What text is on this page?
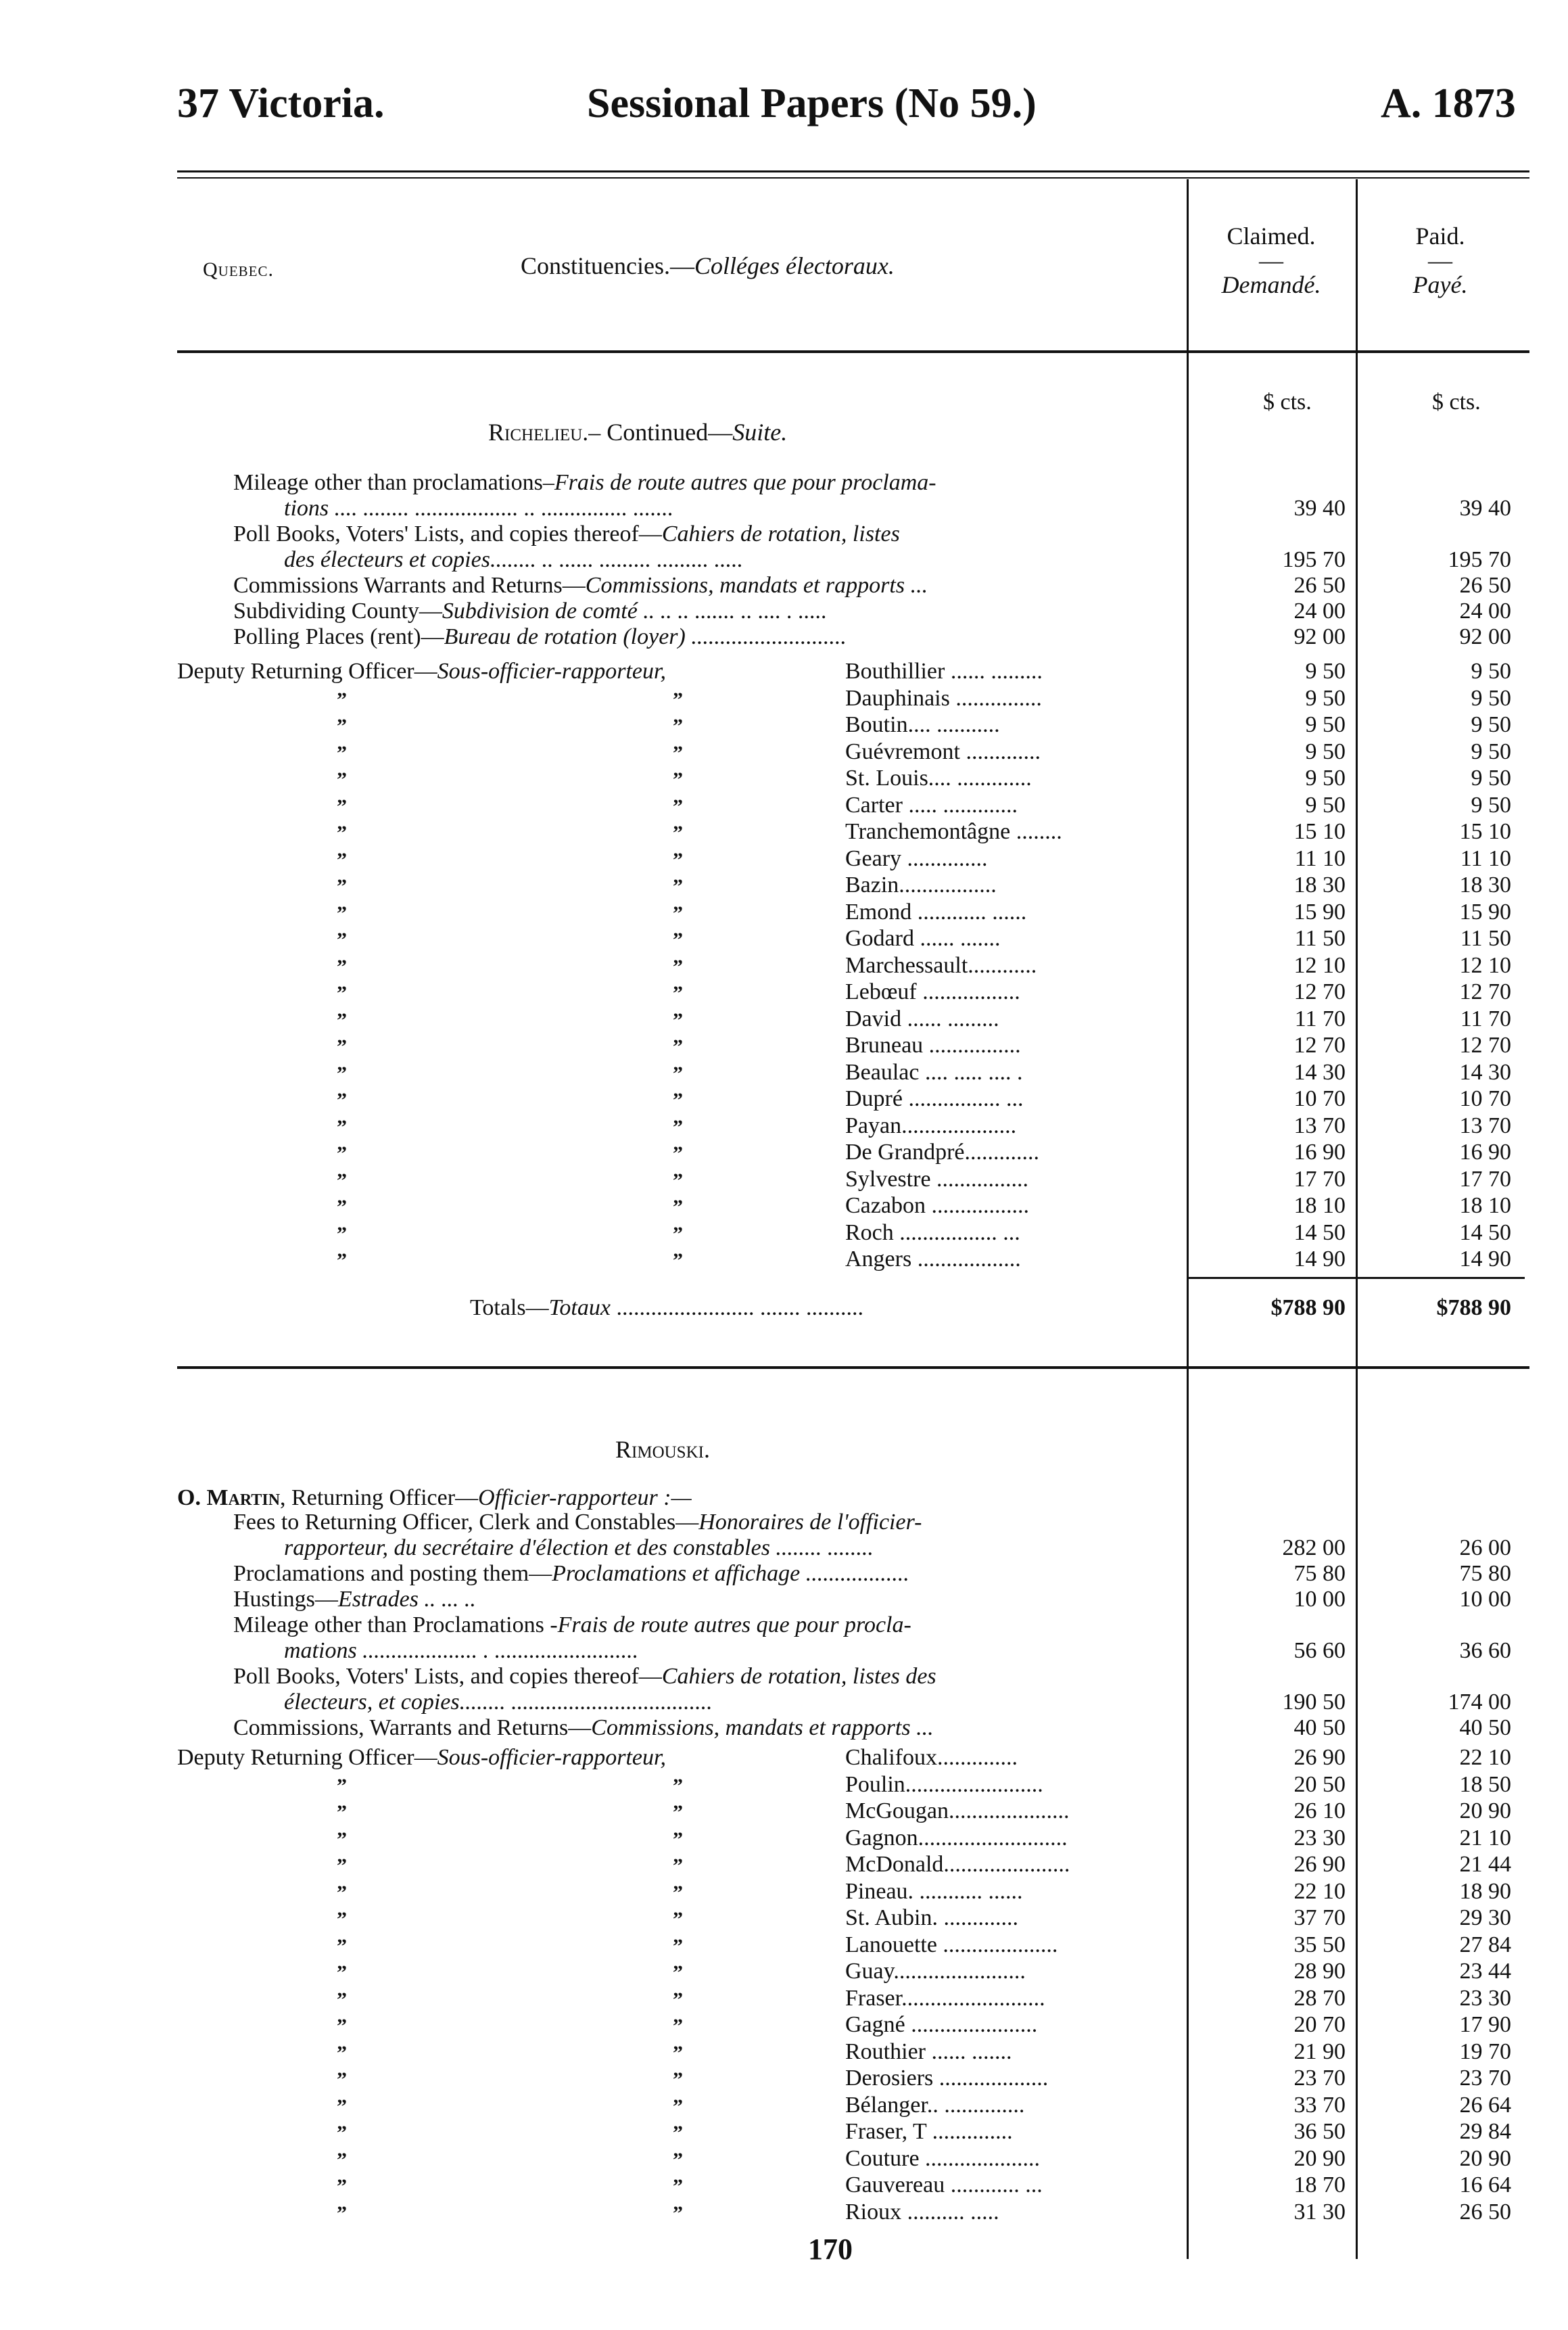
37 Victoria.	Sessional Papers (No 59.)	A. 1873
Quebec.	Constituencies.—Colléges électoraux.
Claimed.
—
Demandé.
Paid.
—
Payé.
$ cts.	$ cts.
Richelieu.– Continued—Suite.
Mileage other than proclamations–Frais de route autres que pour proclama-
tions .... ........ .................. .. ............... .......	39 40	39 40
Poll Books, Voters' Lists, and copies thereof—Cahiers de rotation, listes
des électeurs et copies........ .. ...... ......... ......... .....	195 70	195 70
Commissions Warrants and Returns—Commissions, mandats et rapports ...	26 50	26 50
Subdividing County—Subdivision de comté .. .. .. ....... .. .... . .....	24 00	24 00
Polling Places (rent)—Bureau de rotation (loyer) ...........................	92 00	92 00
Deputy Returning Officer—Sous-officier-rapporteur,	Bouthillier ...... .........	9 50	9 50
”	”	Dauphinais ...............	9 50	9 50
”	”	Boutin.... ...........	9 50	9 50
”	”	Guévremont .............	9 50	9 50
”	”	St. Louis.... .............	9 50	9 50
”	”	Carter ..... .............	9 50	9 50
”	”	Tranchemontâgne ........	15 10	15 10
”	”	Geary ..............	11 10	11 10
”	”	Bazin.................	18 30	18 30
”	”	Emond ............ ......	15 90	15 90
”	”	Godard ...... .......	11 50	11 50
”	”	Marchessault............	12 10	12 10
”	”	Lebœuf .................	12 70	12 70
”	”	David ...... .........	11 70	11 70
”	”	Bruneau ................	12 70	12 70
”	”	Beaulac .... ..... .... .	14 30	14 30
”	”	Dupré ................ ...	10 70	10 70
”	”	Payan....................	13 70	13 70
”	”	De Grandpré.............	16 90	16 90
”	”	Sylvestre ................	17 70	17 70
”	”	Cazabon .................	18 10	18 10
”	”	Roch ................. ...	14 50	14 50
”	”	Angers ..................	14 90	14 90
Totals—Totaux ........................ ....... ..........	$788 90	$788 90
Rimouski.
O. Martin, Returning Officer—Officier-rapporteur :—
Fees to Returning Officer, Clerk and Constables—Honoraires de l'officier-
rapporteur, du secrétaire d'élection et des constables ........ ........	282 00	26 00
Proclamations and posting them—Proclamations et affichage ..................	75 80	75 80
Hustings—Estrades .. ... ..	10 00	10 00
Mileage other than Proclamations -Frais de route autres que pour procla-
mations .................... . .........................	56 60	36 60
Poll Books, Voters' Lists, and copies thereof—Cahiers de rotation, listes des
électeurs, et copies........ ...................................	190 50	174 00
Commissions, Warrants and Returns—Commissions, mandats et rapports ...	40 50	40 50
Deputy Returning Officer—Sous-officier-rapporteur,	Chalifoux..............	26 90	22 10
”	”	Poulin........................	20 50	18 50
”	”	McGougan.....................	26 10	20 90
”	”	Gagnon..........................	23 30	21 10
”	”	McDonald......................	26 90	21 44
”	”	Pineau. ........... ......	22 10	18 90
”	”	St. Aubin. .............	37 70	29 30
”	”	Lanouette ....................	35 50	27 84
”	”	Guay.......................	28 90	23 44
”	”	Fraser.........................	28 70	23 30
”	”	Gagné ......................	20 70	17 90
”	”	Routhier ...... .......	21 90	19 70
”	”	Derosiers ...................	23 70	23 70
”	”	Bélanger.. ..............	33 70	26 64
”	”	Fraser, T ..............	36 50	29 84
”	”	Couture ....................	20 90	20 90
”	”	Gauvereau ............ ...	18 70	16 64
”	”	Rioux .......... .....	31 30	26 50
170
